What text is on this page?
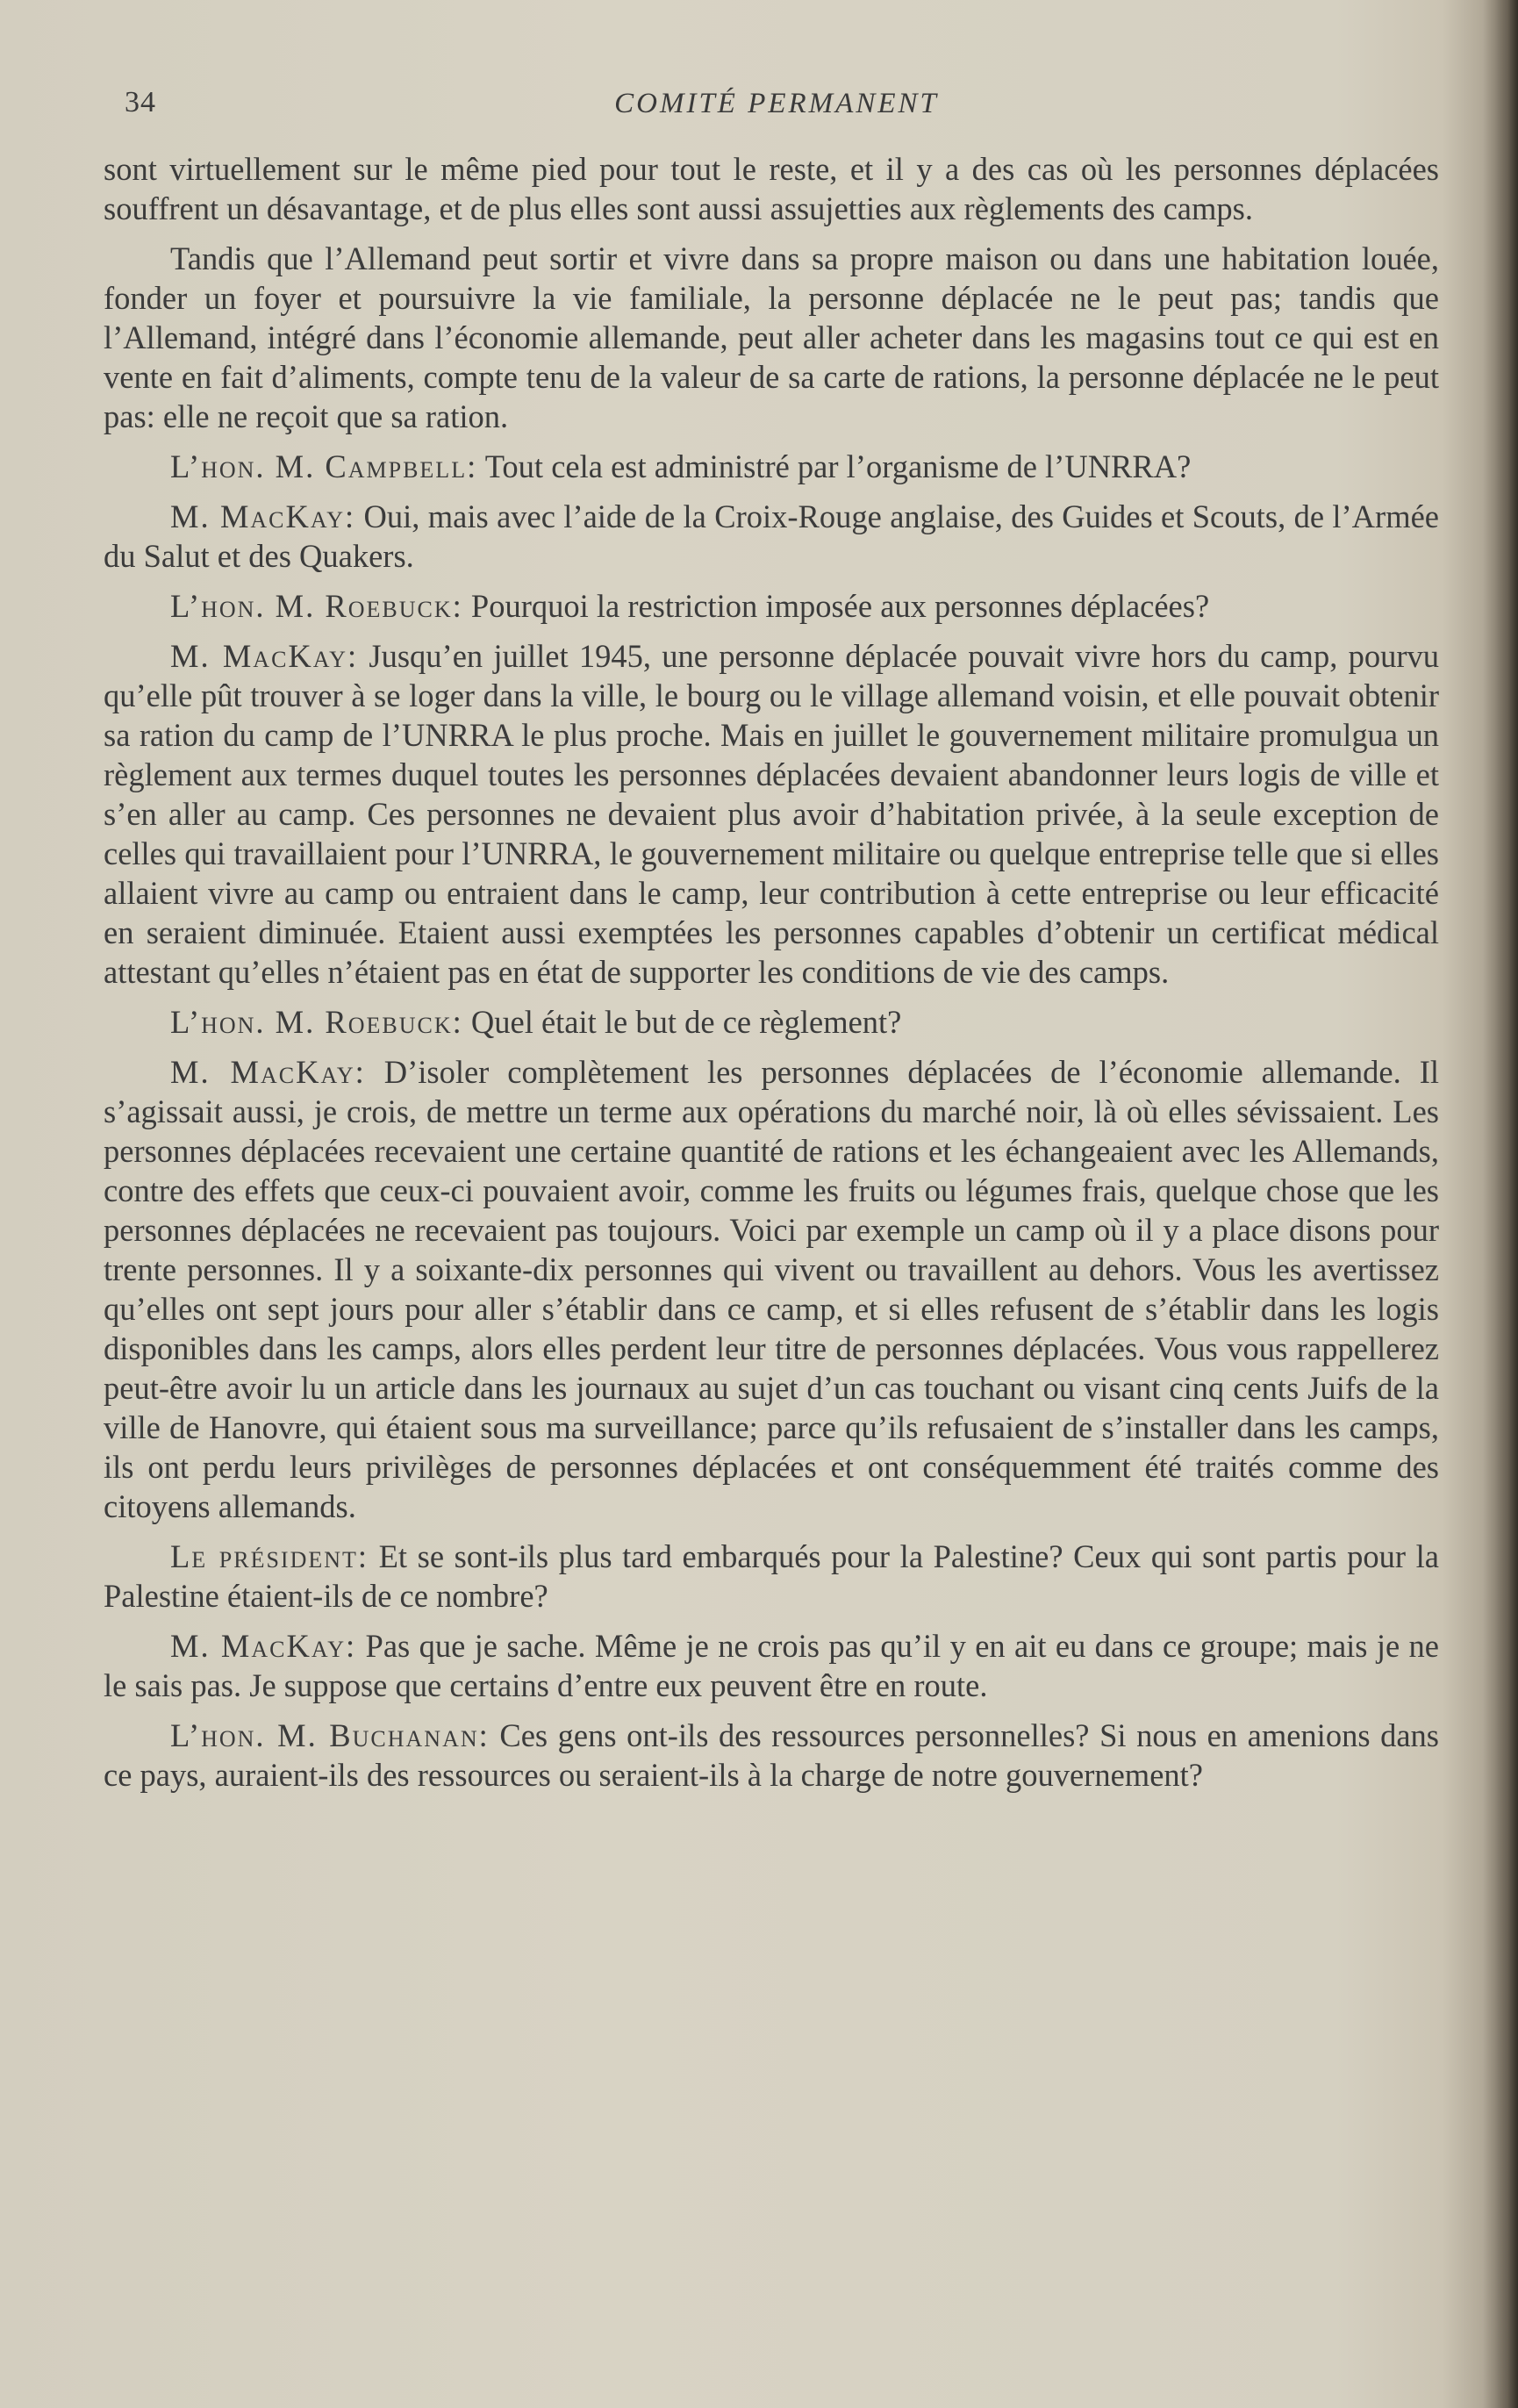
34	COMITÉ PERMANENT

sont virtuellement sur le même pied pour tout le reste, et il y a des cas où les personnes déplacées souffrent un désavantage, et de plus elles sont aussi assujetties aux règlements des camps.

Tandis que l’Allemand peut sortir et vivre dans sa propre maison ou dans une habitation louée, fonder un foyer et poursuivre la vie familiale, la personne déplacée ne le peut pas; tandis que l’Allemand, intégré dans l’économie allemande, peut aller acheter dans les magasins tout ce qui est en vente en fait d’aliments, compte tenu de la valeur de sa carte de rations, la personne déplacée ne le peut pas: elle ne reçoit que sa ration.

L’hon. M. Campbell: Tout cela est administré par l’organisme de l’UNRRA?

M. MacKay: Oui, mais avec l’aide de la Croix-Rouge anglaise, des Guides et Scouts, de l’Armée du Salut et des Quakers.

L’hon. M. Roebuck: Pourquoi la restriction imposée aux personnes déplacées?

M. MacKay: Jusqu’en juillet 1945, une personne déplacée pouvait vivre hors du camp, pourvu qu’elle pût trouver à se loger dans la ville, le bourg ou le village allemand voisin, et elle pouvait obtenir sa ration du camp de l’UNRRA le plus proche. Mais en juillet le gouvernement militaire promulgua un règlement aux termes duquel toutes les personnes déplacées devaient abandonner leurs logis de ville et s’en aller au camp. Ces personnes ne devaient plus avoir d’habitation privée, à la seule exception de celles qui travaillaient pour l’UNRRA, le gouvernement militaire ou quelque entreprise telle que si elles allaient vivre au camp ou entraient dans le camp, leur contribution à cette entreprise ou leur efficacité en seraient diminuée. Etaient aussi exemptées les personnes capables d’obtenir un certificat médical attestant qu’elles n’étaient pas en état de supporter les conditions de vie des camps.

L’hon. M. Roebuck: Quel était le but de ce règlement?

M. MacKay: D’isoler complètement les personnes déplacées de l’économie allemande. Il s’agissait aussi, je crois, de mettre un terme aux opérations du marché noir, là où elles sévissaient. Les personnes déplacées recevaient une certaine quantité de rations et les échangeaient avec les Allemands, contre des effets que ceux-ci pouvaient avoir, comme les fruits ou légumes frais, quelque chose que les personnes déplacées ne recevaient pas toujours. Voici par exemple un camp où il y a place disons pour trente personnes. Il y a soixante-dix personnes qui vivent ou travaillent au dehors. Vous les avertissez qu’elles ont sept jours pour aller s’établir dans ce camp, et si elles refusent de s’établir dans les logis disponibles dans les camps, alors elles perdent leur titre de personnes déplacées. Vous vous rappellerez peut-être avoir lu un article dans les journaux au sujet d’un cas touchant ou visant cinq cents Juifs de la ville de Hanovre, qui étaient sous ma surveillance; parce qu’ils refusaient de s’installer dans les camps, ils ont perdu leurs privilèges de personnes déplacées et ont conséquemment été traités comme des citoyens allemands.

Le président: Et se sont-ils plus tard embarqués pour la Palestine? Ceux qui sont partis pour la Palestine étaient-ils de ce nombre?

M. MacKay: Pas que je sache. Même je ne crois pas qu’il y en ait eu dans ce groupe; mais je ne le sais pas. Je suppose que certains d’entre eux peuvent être en route.

L’hon. M. Buchanan: Ces gens ont-ils des ressources personnelles? Si nous en amenions dans ce pays, auraient-ils des ressources ou seraient-ils à la charge de notre gouvernement?
